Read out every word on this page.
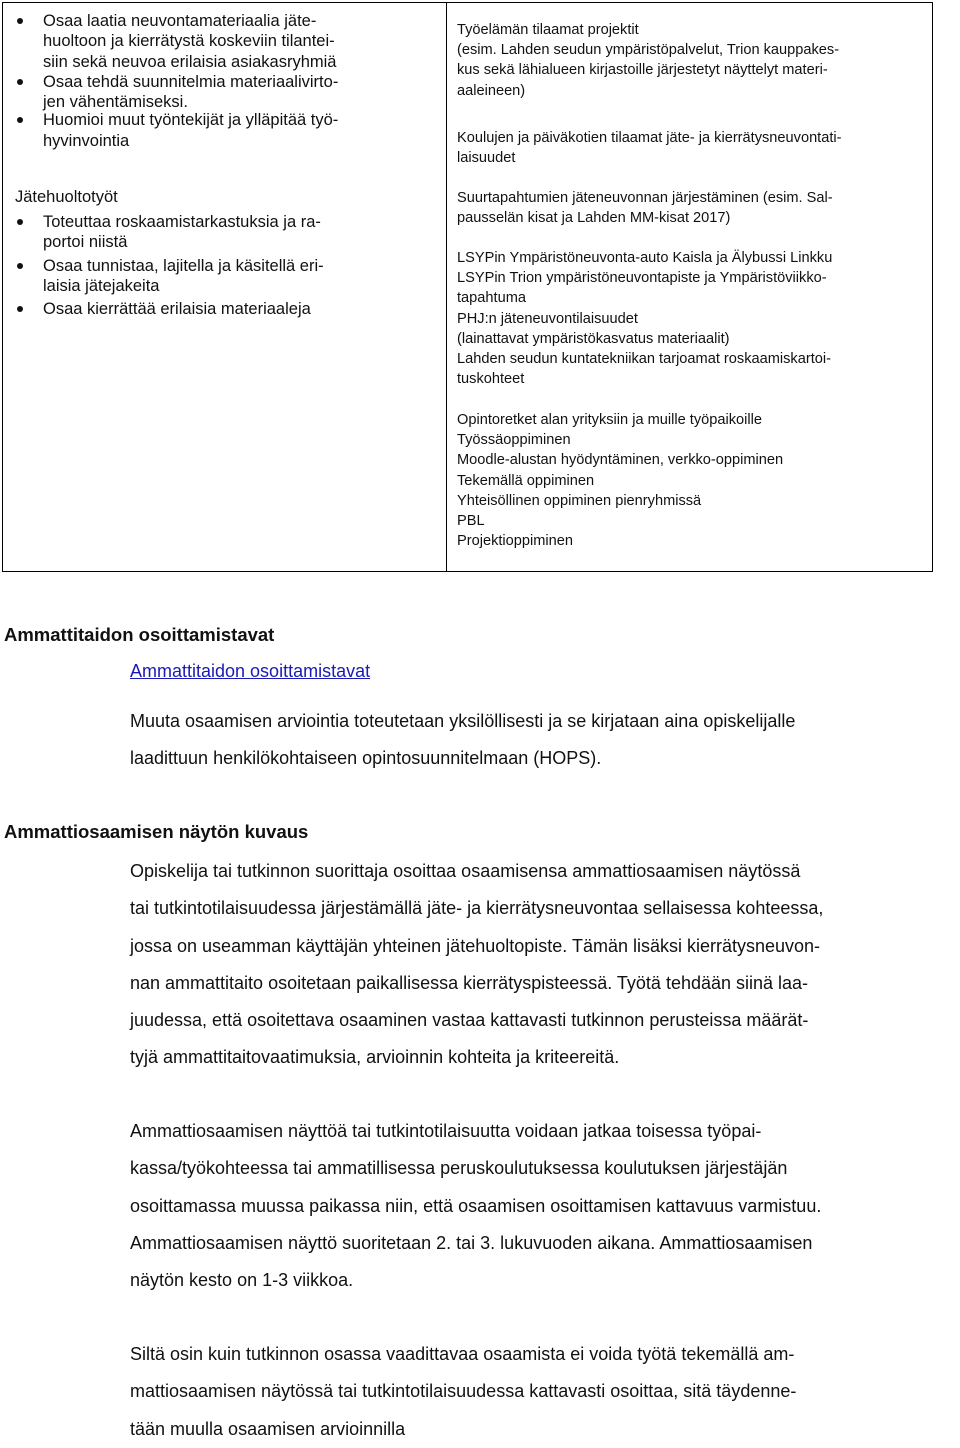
Osaa laatia neuvontamateriaalia jäte-
huoltoon ja kierrätystä koskeviin tilantei-
siin sekä neuvoa erilaisia asiakasryhmiä
Osaa tehdä suunnitelmia materiaalivirto-
jen vähentämiseksi.
Huomioi muut työntekijät ja ylläpitää työ-
hyvinvointia
Jätehuoltotyöt
Toteuttaa roskaamistarkastuksia ja ra-
portoi niistä
Osaa tunnistaa, lajitella ja käsitellä eri-
laisia jätejakeita
Osaa kierrättää erilaisia materiaaleja
Työelämän tilaamat projektit
(esim. Lahden seudun ympäristöpalvelut, Trion kauppakes-
kus sekä lähialueen kirjastoille järjestetyt näyttelyt materi-
aaleineen)
Koulujen ja päiväkotien tilaamat jäte- ja kierrätysneuvontati-
laisuudet
Suurtapahtumien jäteneuvonnan järjestäminen (esim. Sal-
pausselän kisat ja Lahden MM-kisat 2017)
LSYPin Ympäristöneuvonta-auto Kaisla ja Älybussi Linkku
LSYPin Trion ympäristöneuvontapiste ja Ympäristöviikko-
tapahtuma
PHJ:n jäteneuvontilaisuudet
(lainattavat ympäristökasvatus materiaalit)
Lahden seudun kuntatekniikan tarjoamat roskaamiskartoi-
tuskohteet
Opintoretket alan yrityksiin ja muille työpaikoille
Työssäoppiminen
Moodle-alustan hyödyntäminen, verkko-oppiminen
Tekemällä oppiminen
Yhteisöllinen oppiminen pienryhmissä
PBL
Projektioppiminen
Ammattitaidon osoittamistavat
Ammattitaidon osoittamistavat
Muuta osaamisen arviointia toteutetaan yksilöllisesti ja se kirjataan aina opiskelijalle
laadittuun henkilökohtaiseen opintosuunnitelmaan (HOPS).
Ammattiosaamisen näytön kuvaus
Opiskelija tai tutkinnon suorittaja osoittaa osaamisensa ammattiosaamisen näytössä
tai tutkintotilaisuudessa järjestämällä jäte- ja kierrätysneuvontaa sellaisessa kohteessa,
jossa on useamman käyttäjän yhteinen jätehuoltopiste. Tämän lisäksi kierrätysneuvon-
nan ammattitaito osoitetaan paikallisessa kierrätyspisteessä. Työtä tehdään siinä laa-
juudessa, että osoitettava osaaminen vastaa kattavasti tutkinnon perusteissa määrät-
tyjä ammattitaitovaatimuksia, arvioinnin kohteita ja kriteereitä.
Ammattiosaamisen näyttöä tai tutkintotilaisuutta voidaan jatkaa toisessa työpai-
kassa/työkohteessa tai ammatillisessa peruskoulutuksessa koulutuksen järjestäjän
osoittamassa muussa paikassa niin, että osaamisen osoittamisen kattavuus varmistuu.
Ammattiosaamisen näyttö suoritetaan 2. tai 3. lukuvuoden aikana. Ammattiosaamisen
näytön kesto on 1-3 viikkoa.
Siltä osin kuin tutkinnon osassa vaadittavaa osaamista ei voida työtä tekemällä am-
mattiosaamisen näytössä tai tutkintotilaisuudessa kattavasti osoittaa, sitä täydenne-
tään muulla osaamisen arvioinnilla
